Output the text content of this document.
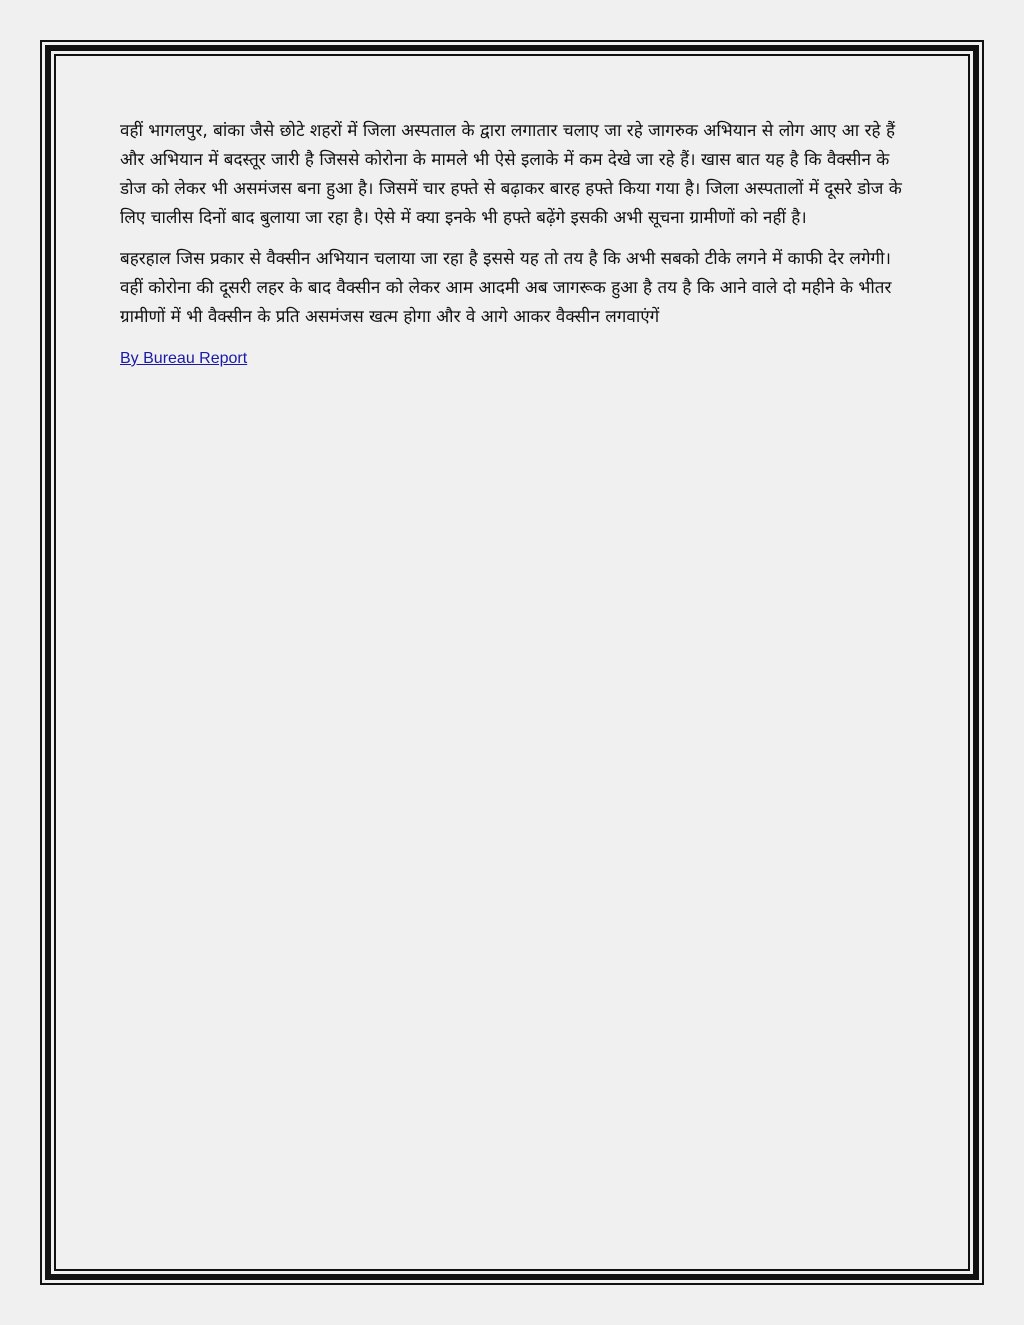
वहीं भागलपुर, बांका जैसे छोटे शहरों में जिला अस्पताल के द्वारा लगातार चलाए जा रहे जागरुक अभियान से लोग आए आ रहे हैं और अभियान में बदस्तूर जारी है जिससे कोरोना के मामले भी ऐसे इलाके में कम देखे जा रहे हैं। खास बात यह है कि वैक्सीन के डोज को लेकर भी असमंजस बना हुआ है। जिसमें चार हफ्ते से बढ़ाकर बारह हफ्ते किया गया है। जिला अस्पतालों में दूसरे डोज के लिए चालीस दिनों बाद बुलाया जा रहा है। ऐसे में क्या इनके भी हफ्ते बढ़ेंगे इसकी अभी सूचना ग्रामीणों को नहीं है।

बहरहाल जिस प्रकार से वैक्सीन अभियान चलाया जा रहा है इससे यह तो तय है कि अभी सबको टीके लगने में काफी देर लगेगी। वहीं कोरोना की दूसरी लहर के बाद वैक्सीन को लेकर आम आदमी अब जागरूक हुआ है तय है कि आने वाले दो महीने के भीतर ग्रामीणों में भी वैक्सीन के प्रति असमंजस खत्म होगा और वे आगे आकर वैक्सीन लगवाएंगें

By Bureau Report
